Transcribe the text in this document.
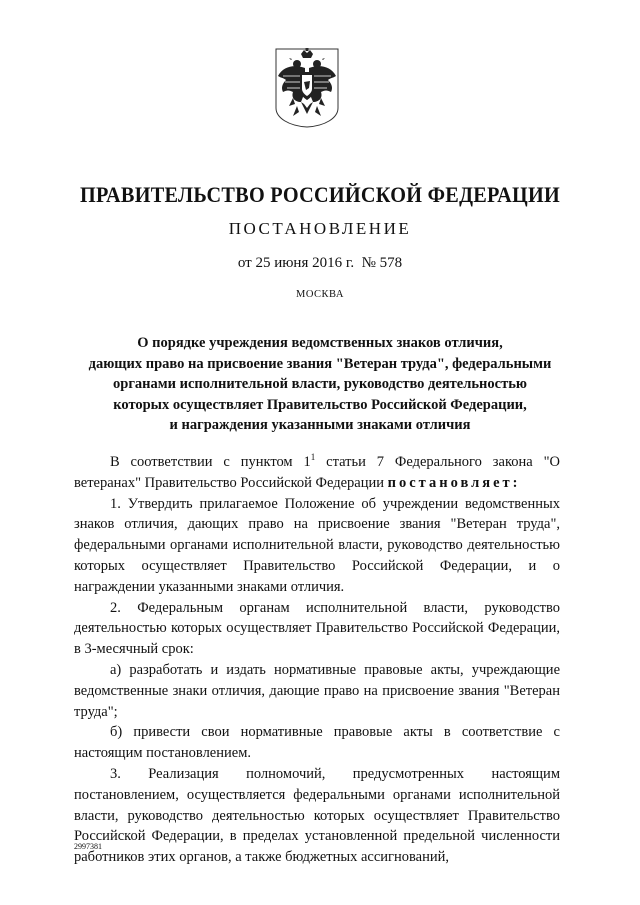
ПРАВИТЕЛЬСТВО РОССИЙСКОЙ ФЕДЕРАЦИИ
ПОСТАНОВЛЕНИЕ
от 25 июня 2016 г. № 578
МОСКВА
О порядке учреждения ведомственных знаков отличия,
дающих право на присвоение звания "Ветеран труда", федеральными
органами исполнительной власти, руководство деятельностью
которых осуществляет Правительство Российской Федерации,
и награждения указанными знаками отличия

В соответствии с пунктом $1^1$ статьи 7 Федерального закона "О ветеранах" Правительство Российской Федерации постановляет:

1. Утвердить прилагаемое Положение об учреждении ведомственных знаков отличия, дающих право на присвоение звания "Ветеран труда", федеральными органами исполнительной власти, руководство деятельностью которых осуществляет Правительство Российской Федерации, и о награждении указанными знаками отличия.

2. Федеральным органам исполнительной власти, руководство деятельностью которых осуществляет Правительство Российской Федерации, в 3-месячный срок:

а) разработать и издать нормативные правовые акты, учреждающие ведомственные знаки отличия, дающие право на присвоение звания "Ветеран труда";

б) привести свои нормативные правовые акты в соответствие с настоящим постановлением.

3. Реализация полномочий, предусмотренных настоящим постановлением, осуществляется федеральными органами исполнительной власти, руководство деятельностью которых осуществляет Правительство Российской Федерации, в пределах установленной предельной численности работников этих органов, а также бюджетных ассигнований,

2997381
